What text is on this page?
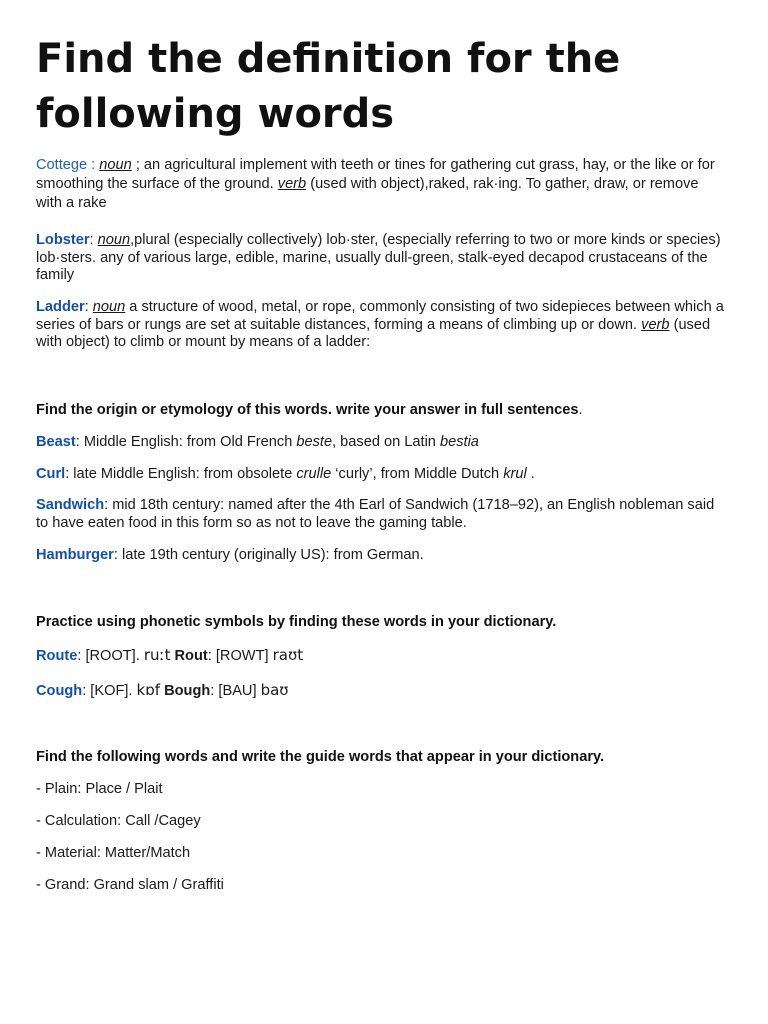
Find the definition for the following words

Cottege : noun ; an agricultural implement with teeth or tines for gathering cut grass, hay, or the like or for smoothing the surface of the ground. verb (used with object),raked, rak·ing. To gather, draw, or remove with a rake

Lobster: noun,plural (especially collectively) lob·ster, (especially referring to two or more kinds or species) lob·sters. any of various large, edible, marine, usually dull-green, stalk-eyed decapod crustaceans of the family

Ladder: noun a structure of wood, metal, or rope, commonly consisting of two sidepieces between which a series of bars or rungs are set at suitable distances, forming a means of climbing up or down. verb (used with object) to climb or mount by means of a ladder:

Find the origin or etymology of this words. write your answer in full sentences.

Beast: Middle English: from Old French beste, based on Latin bestia

Curl: late Middle English: from obsolete crulle ‘curly’, from Middle Dutch krul .

Sandwich: mid 18th century: named after the 4th Earl of Sandwich (1718–92), an English nobleman said to have eaten food in this form so as not to leave the gaming table.

Hamburger: late 19th century (originally US): from German.

Practice using phonetic symbols by finding these words in your dictionary.

Route: [ROOT]. ruːt Rout: [ROWT] raʊt

Cough: [KOF]. kɒf Bough: [BAU] baʊ

Find the following words and write the guide words that appear in your dictionary.

- Plain: Place / Plait

- Calculation: Call /Cagey

- Material: Matter/Match

- Grand: Grand slam / Graffiti
